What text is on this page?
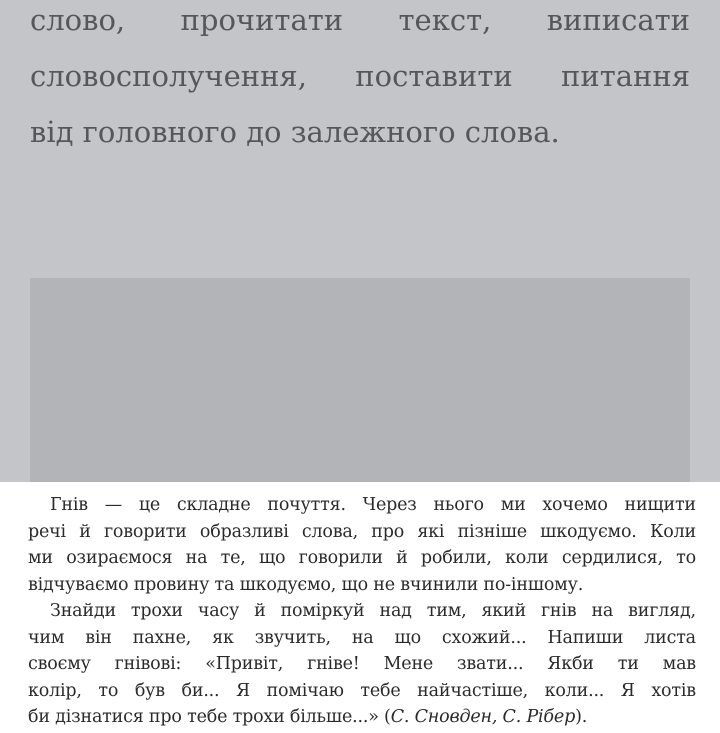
слово, прочитати текст, виписати
словосполучення, поставити питання
від головного до залежного слова.
Гнів — це складне почуття. Через нього ми хочемо нищити
речі й говорити образливі слова, про які пізніше шкодуємо. Коли
ми озираємося на те, що говорили й робили, коли сердилися, то
відчуваємо провину та шкодуємо, що не вчинили по-іншому.
Знайди трохи часу й поміркуй над тим, який гнів на вигляд,
чим він пахне, як звучить, на що схожий... Напиши листа
своєму гнівові: «Привіт, гніве! Мене звати... Якби ти мав
колір, то був би... Я помічаю тебе найчастіше, коли... Я хотів
би дізнатися про тебе трохи більше...» ( С. Сновден, С. Рібер ).
